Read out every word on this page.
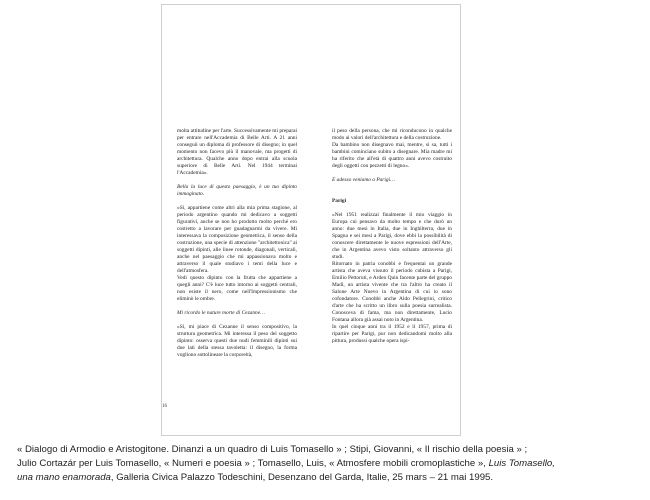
molta attitudine per l'arte. Successivamente mi preparai per entrare nell'Accademia di Belle Arti. A 21 anni conseguii un diploma di professore di disegno; in quel momento non facevo più il manovale, ma progetti di architettura. Qualche anno dopo entrai alla scuola superiore di Belle Arti. Nel 1944 terminai l'Accademia».

Bella la luce di questo paesaggio, è un tuo dipinto immaginato.

«Sì, appartiene come altri alla mia prima stagione, al periodo argentino quando mi dedicavo a soggetti figurativi, anche se non ho prodotto molto perché ero costretto a lavorare per guadagnarmi da vivere. Mi interessava la composizione geometrica, il senso della costruzione, una specie di attenzione "architettonica" ai soggetti dipinti, alle linee rotonde, diagonali, verticali, anche nel paesaggio che mi appassionava molto e attraverso il quale studiavo i temi della luce e dell'atmosfera.

Vedi questo dipinto con la frutta che appartiene a quegli anni? C'è luce tutto intorno ai soggetti centrali, non esiste il nero, come nell'Impressionismo che eliminò le ombre.

Mi ricordo le nature morte di Cezanne…

«Sì, mi piace di Cezanne il senso compositivo, la struttura geometrica. Mi interessa il peso del soggetto dipinto: osserva questi due nudi femminili dipinti sui due lati della stessa tavoletta: il disegno, la forma vogliono sottolineare la corporeità,

il peso della persona, che mi riconducono in qualche modo ai valori dell'architettura e della costruzione.

Da bambino non disegnavo mai, mentre, si sa, tutti i bambini cominciano subito a disegnare. Mia madre mi ha riferito che all'età di quattro anni avevo costruito degli oggetti con pezzetti di legno».

E adesso veniamo a Parigi…

Parigi

«Nel 1951 realizzai finalmente il mio viaggio in Europa cui pensavo da molto tempo e che durò un anno: due mesi in Italia, due in Inghilterra, due in Spagna e sei mesi a Parigi, dove ebbi la possibilità di conoscere direttamente le nuove espressioni dell'Arte, che in Argentina avevo visto soltanto attraverso gli studi.

Ritornato in patria conobbi e frequentai un grande artista che aveva vissuto il periodo cubista a Parigi, Emilio Pettoruti, e Arden Quin facente parte del gruppo Madì, un artista vivente che tra l'altro ha creato il Salone Arte Nuevo in Argentina di cui io sono cofondatore. Conobbi anche Aldo Pellegrini, critico d'arte che ha scritto un libro sulla poesia surrealista. Conosceva di fama, ma non direttamente, Lucio Fontana allora già assai noto in Argentina.

In quel cinque anni tra il 1952 e il 1957, prima di ripartire per Parigi, pur non dedicandomi molto alla pittura, produssi qualche opera ispi-

16
« Dialogo di Armodio e Aristogitone. Dinanzi a un quadro di Luis Tomasello » ; Stipi, Giovanni, « Il rischio della poesia » ;
Julio Cortazár per Luis Tomasello, « Numeri e poesia » ; Tomasello, Luis, « Atmosfere mobili cromoplastiche », Luis Tomasello,
una mano enamorada, Galleria Civica Palazzo Todeschini, Desenzano del Garda, Italie, 25 mars – 21 mai 1995.
